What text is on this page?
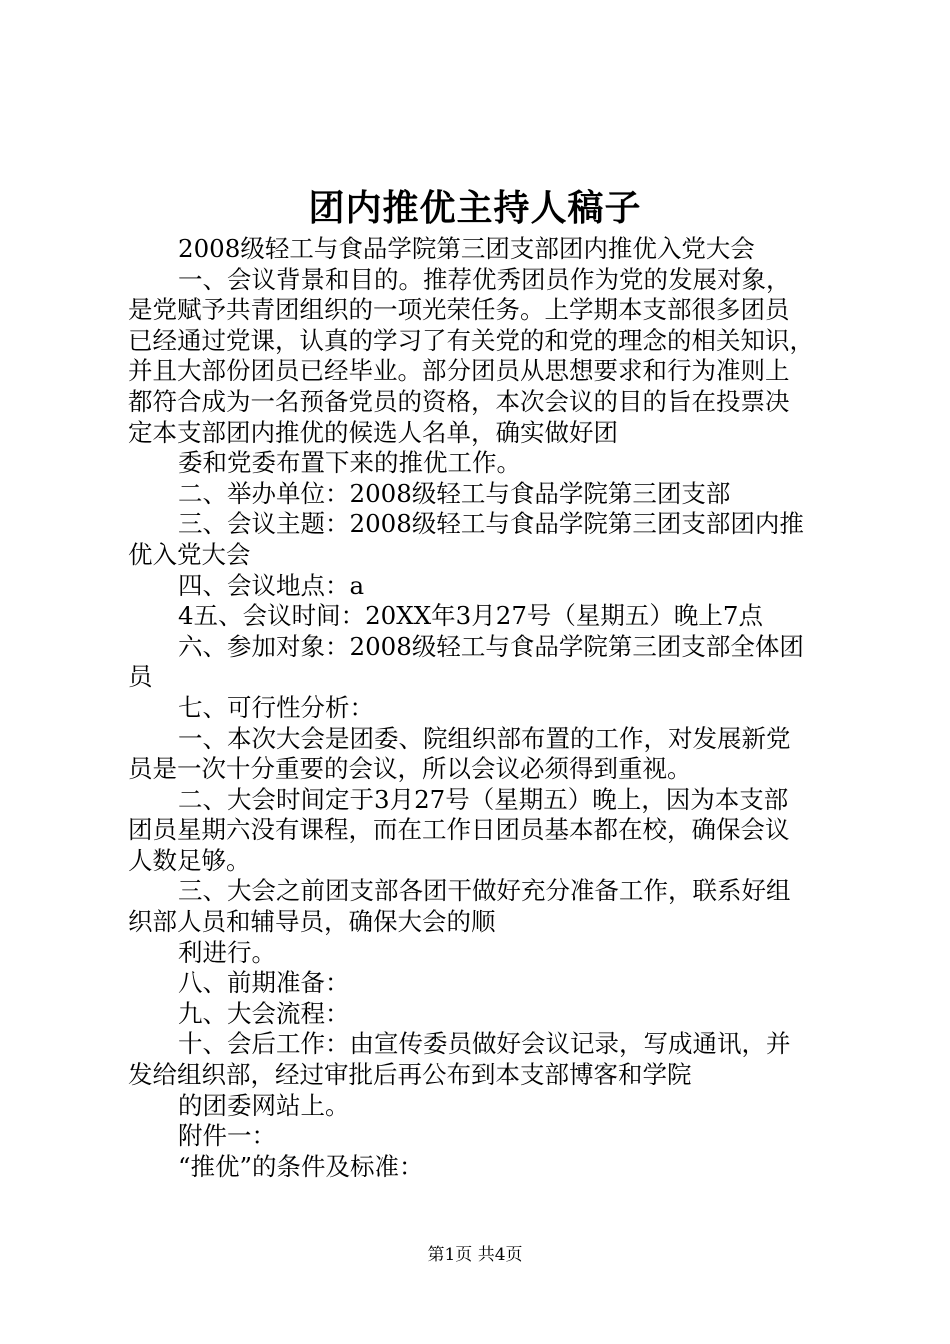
团内推优主持人稿子
2008级轻工与食品学院第三团支部团内推优入党大会
一、会议背景和目的。推荐优秀团员作为党的发展对象，
是党赋予共青团组织的一项光荣任务。上学期本支部很多团员
已经通过党课，认真的学习了有关党的和党的理念的相关知识，
并且大部份团员已经毕业。部分团员从思想要求和行为准则上
都符合成为一名预备党员的资格，本次会议的目的旨在投票决
定本支部团内推优的候选人名单，确实做好团
委和党委布置下来的推优工作。
二、举办单位：2008级轻工与食品学院第三团支部
三、会议主题：2008级轻工与食品学院第三团支部团内推
优入党大会
四、会议地点：a
4五、会议时间：20XX年3月27号（星期五）晚上7点
六、参加对象：2008级轻工与食品学院第三团支部全体团
员
七、可行性分析：
一、本次大会是团委、院组织部布置的工作，对发展新党
员是一次十分重要的会议，所以会议必须得到重视。
二、大会时间定于3月27号（星期五）晚上，因为本支部
团员星期六没有课程，而在工作日团员基本都在校，确保会议
人数足够。
三、大会之前团支部各团干做好充分准备工作，联系好组
织部人员和辅导员，确保大会的顺
利进行。
八、前期准备：
九、大会流程：
十、会后工作：由宣传委员做好会议记录，写成通讯，并
发给组织部，经过审批后再公布到本支部博客和学院
的团委网站上。
附件一：
“推优”的条件及标准：
第1页 共4页
